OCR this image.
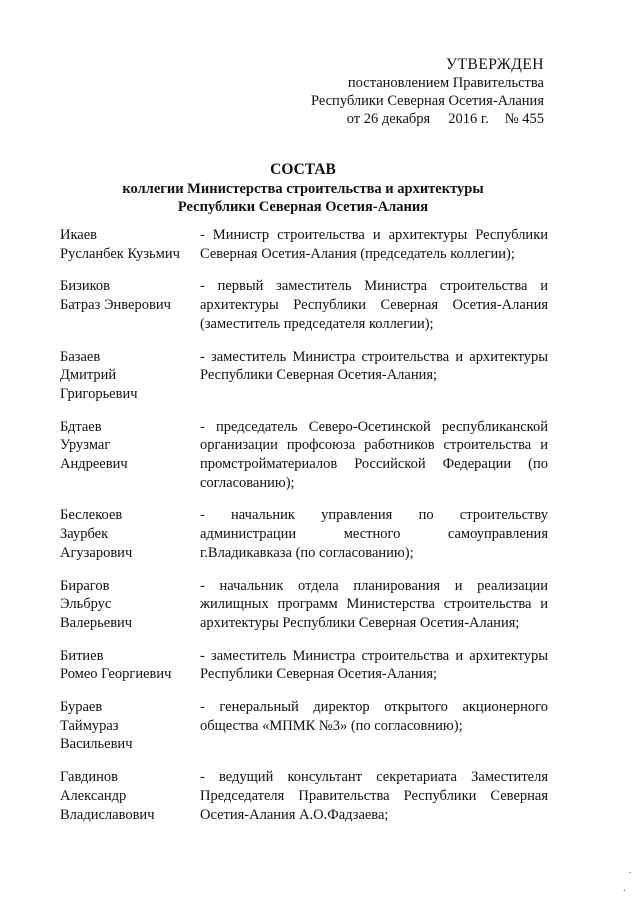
УТВЕРЖДЕН
постановлением Правительства
Республики Северная Осетия-Алания
от 26 декабря 2016 г. № 455
СОСТАВ
коллегии Министерства строительства и архитектуры
Республики Северная Осетия-Алания
Икаев
Русланбек Кузьмич
- Министр строительства и архитектуры Республики Северная Осетия-Алания (председатель коллегии);
Бизиков
Батраз Энверович
- первый заместитель Министра строительства и архитектуры Республики Северная Осетия-Алания (заместитель председателя коллегии);
Базаев
Дмитрий
Григорьевич
- заместитель Министра строительства и архитектуры Республики Северная Осетия-Алания;
Бдтаев
Урузмаг
Андреевич
- председатель Северо-Осетинской республиканской организации профсоюза работников строительства и промстройматериалов Российской Федерации (по согласованию);
Беслекоев
Заурбек
Агузарович
- начальник управления по строительству администрации местного самоуправления г.Владикавказа (по согласованию);
Бирагов
Эльбрус
Валерьевич
- начальник отдела планирования и реализации жилищных программ Министерства строительства и архитектуры Республики Северная Осетия-Алания;
Битиев
Ромео Георгиевич
- заместитель Министра строительства и архитектуры Республики Северная Осетия-Алания;
Бураев
Таймураз
Васильевич
- генеральный директор открытого акционерного общества «МПМК №3» (по согласовнию);
Гавдинов
Александр
Владиславович
- ведущий консультант секретариата Заместителя Председателя Правительства Республики Северная Осетия-Алания А.О.Фадзаева;
·
·
